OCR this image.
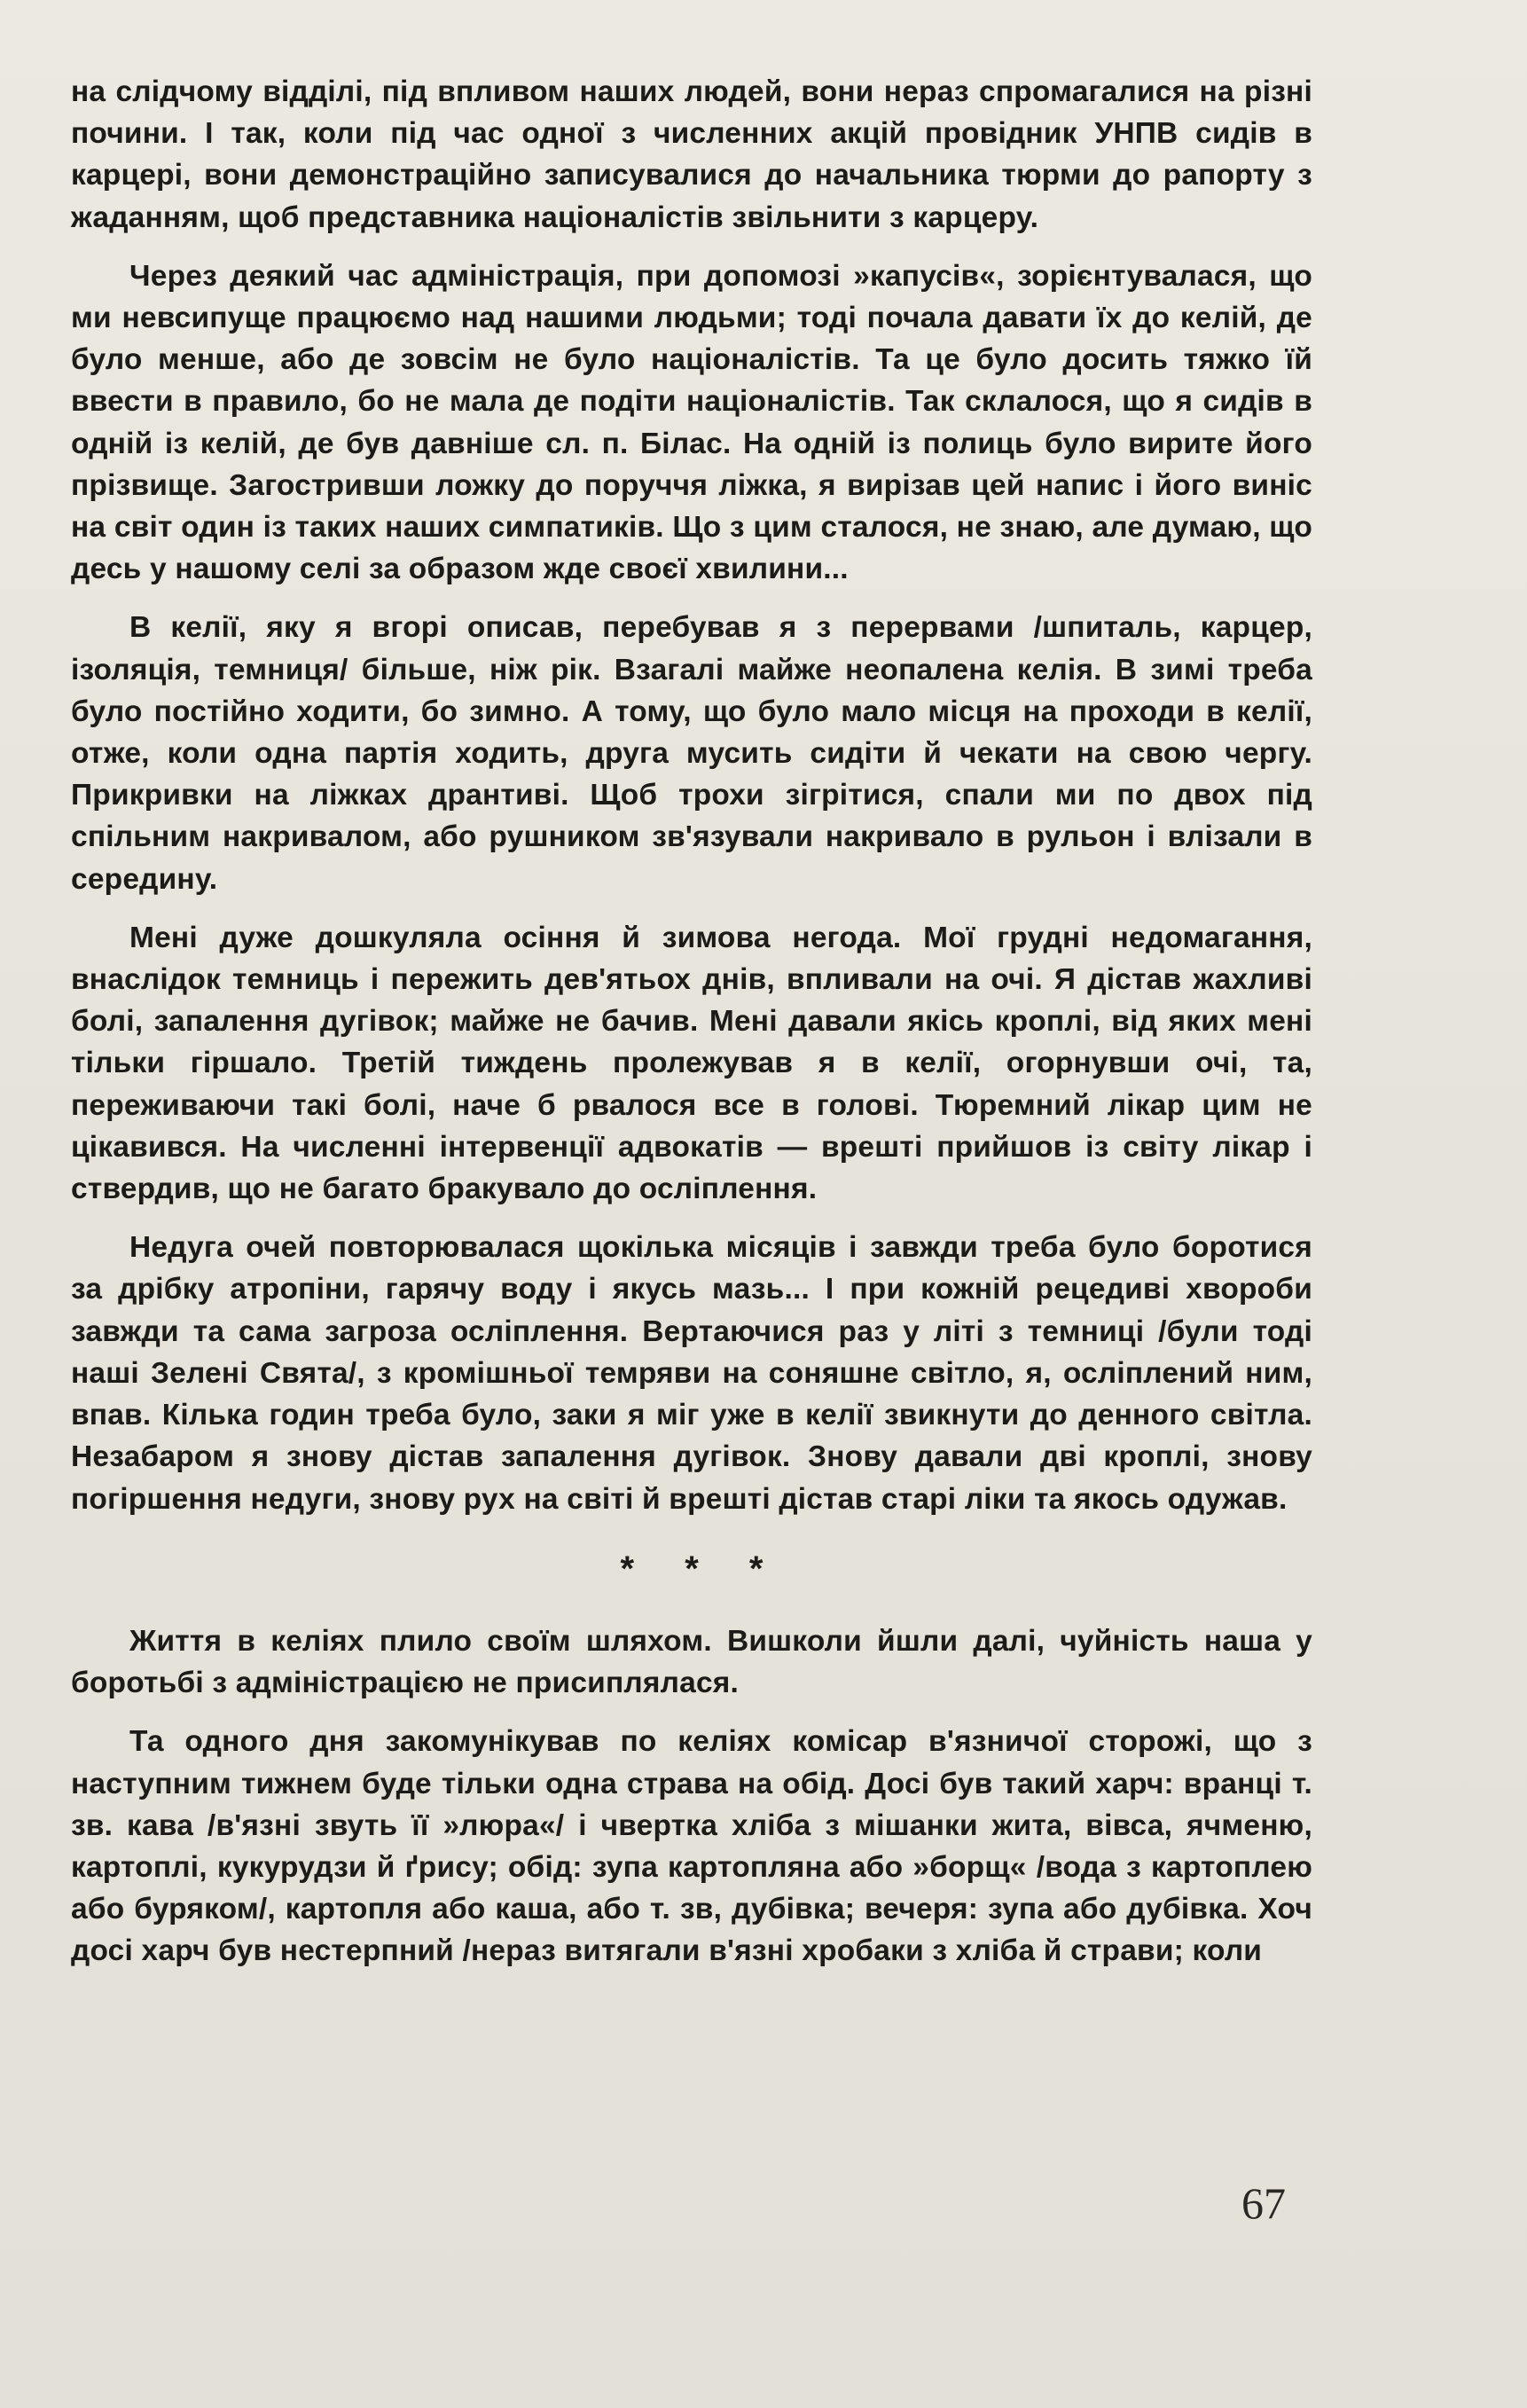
на слідчому відділі, під впливом наших людей, вони нераз спромагалися на різні почини. І так, коли під час одної з численних акцій провідник УНПВ сидів в карцері, вони демонстраційно записувалися до начальника тюрми до рапорту з жаданням, щоб представника націоналістів звільнити з карцеру.

Через деякий час адміністрація, при допомозі »капусів«, зорієнтувалася, що ми невсипуще працюємо над нашими людьми; тоді почала давати їх до келій, де було менше, або де зовсім не було націоналістів. Та це було досить тяжко їй ввести в правило, бо не мала де подіти націоналістів. Так склалося, що я сидів в одній із келій, де був давніше сл. п. Білас. На одній із полиць було вирите його прізвище. Загостривши ложку до поруччя ліжка, я вирізав цей напис і його виніс на світ один із таких наших симпатиків. Що з цим сталося, не знаю, але думаю, що десь у нашому селі за образом жде своєї хвилини...

В келії, яку я вгорі описав, перебував я з перервами /шпиталь, карцер, ізоляція, темниця/ більше, ніж рік. Взагалі майже неопалена келія. В зимі треба було постійно ходити, бо зимно. А тому, що було мало місця на проходи в келії, отже, коли одна партія ходить, друга мусить сидіти й чекати на свою чергу. Прикривки на ліжках дрантиві. Щоб трохи зігрітися, спали ми по двох під спільним накривалом, або рушником зв'язували накривало в рульон і влізали в середину.

Мені дуже дошкуляла осіння й зимова негода. Мої грудні недомагання, внаслідок темниць і пережить дев'ятьох днів, впливали на очі. Я дістав жахливі болі, запалення дугівок; майже не бачив. Мені давали якісь кроплі, від яких мені тільки гіршало. Третій тиждень пролежував я в келії, огорнувши очі, та, переживаючи такі болі, наче б рвалося все в голові. Тюремний лікар цим не цікавився. На численні інтервенції адвокатів — врешті прийшов із світу лікар і ствердив, що не багато бракувало до осліплення.

Недуга очей повторювалася щокілька місяців і завжди треба було боротися за дрібку атропіни, гарячу воду і якусь мазь... І при кожній рецедиві хвороби завжди та сама загроза осліплення. Вертаючися раз у літі з темниці /були тоді наші Зелені Свята/, з кромішньої темряви на соняшне світло, я, осліплений ним, впав. Кілька годин треба було, заки я міг уже в келії звикнути до денного світла. Незабаром я знову дістав запалення дугівок. Знову давали дві кроплі, знову погіршення недуги, знову рух на світі й врешті дістав старі ліки та якось одужав.

* * *

Життя в келіях плило своїм шляхом. Вишколи йшли далі, чуйність наша у боротьбі з адміністрацією не присиплялася.

Та одного дня закомунікував по келіях комісар в'язничої сторожі, що з наступним тижнем буде тільки одна страва на обід. Досі був такий харч: вранці т. зв. кава /в'язні звуть її »люра«/ і чвертка хліба з мішанки жита, вівса, ячменю, картоплі, кукурудзи й ґрису; обід: зупа картопляна або »борщ« /вода з картоплею або буряком/, картопля або каша, або т. зв, дубівка; вечеря: зупа або дубівка. Хоч досі харч був нестерпний /нераз витягали в'язні хробаки з хліба й страви; коли

67
